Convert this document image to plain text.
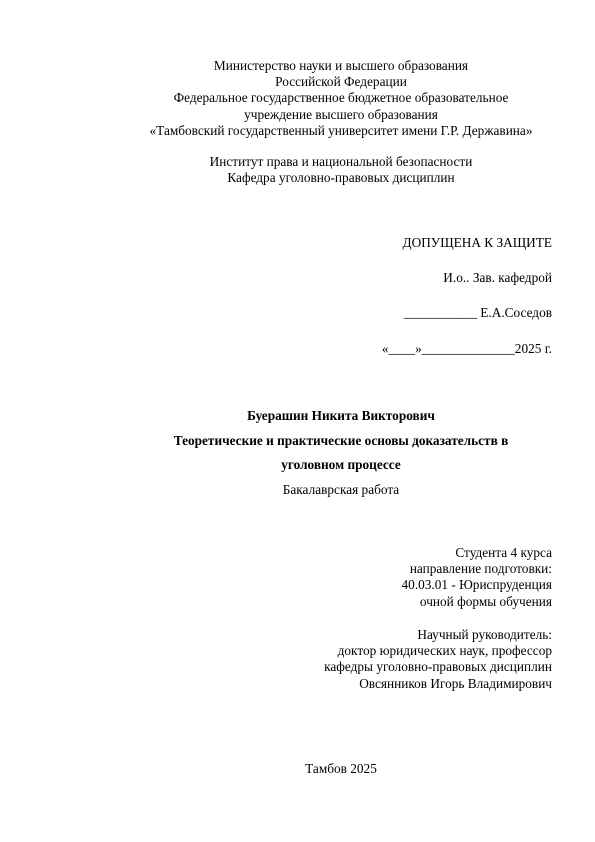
Министерство науки и высшего образования
Российской Федерации
Федеральное государственное бюджетное образовательное
учреждение высшего образования
«Тамбовский государственный университет имени Г.Р. Державина»
Институт права и национальной безопасности
Кафедра уголовно-правовых дисциплин
ДОПУЩЕНА К ЗАЩИТЕ
И.о.. Зав. кафедрой
___________ Е.А.Соседов
«____»______________2025 г.
Буерашин Никита Викторович
Теоретические и практические основы доказательств в
уголовном процессе
Бакалаврская работа
Студента 4 курса
направление подготовки:
40.03.01 - Юриспруденция
очной формы обучения
Научный руководитель:
доктор юридических наук, профессор
кафедры уголовно-правовых дисциплин
Овсянников Игорь Владимирович
Тамбов 2025
